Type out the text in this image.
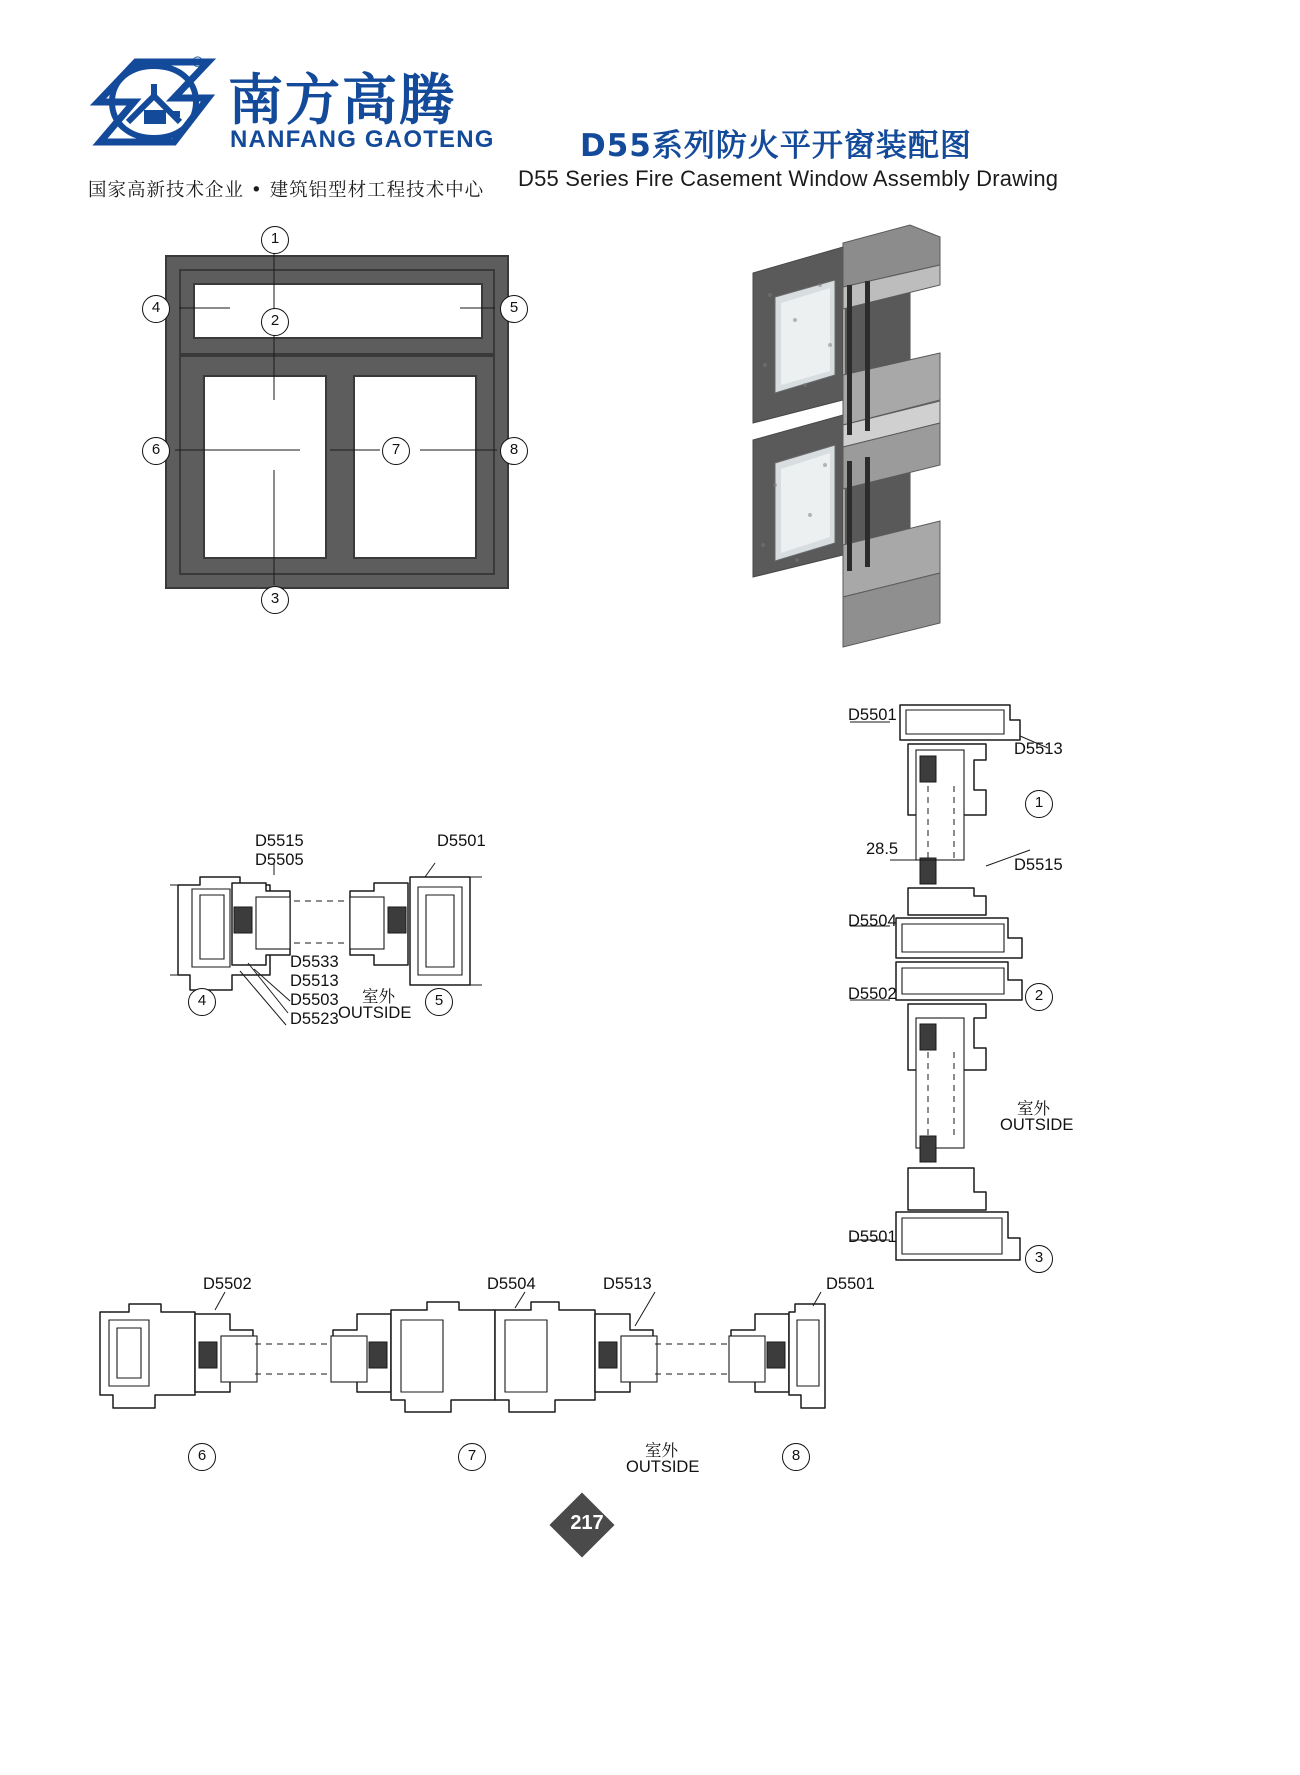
®
南方高腾
NANFANG GAOTENG
国家高新技术企业 • 建筑铝型材工程技术中心
D55系列防火平开窗装配图
D55 Series Fire Casement Window Assembly Drawing
1
2
3
4	5
6	7	8
D5515
D5505
D5501
D5533
D5513
D5503
D5523
室外
OUTSIDE
4	5
D5501
D5513
28.5
D5515
D5504
D5502
D5501
室外
OUTSIDE
1
2
3
D5502	D5504	D5513	D5501
室外
OUTSIDE
6	7	8
217
